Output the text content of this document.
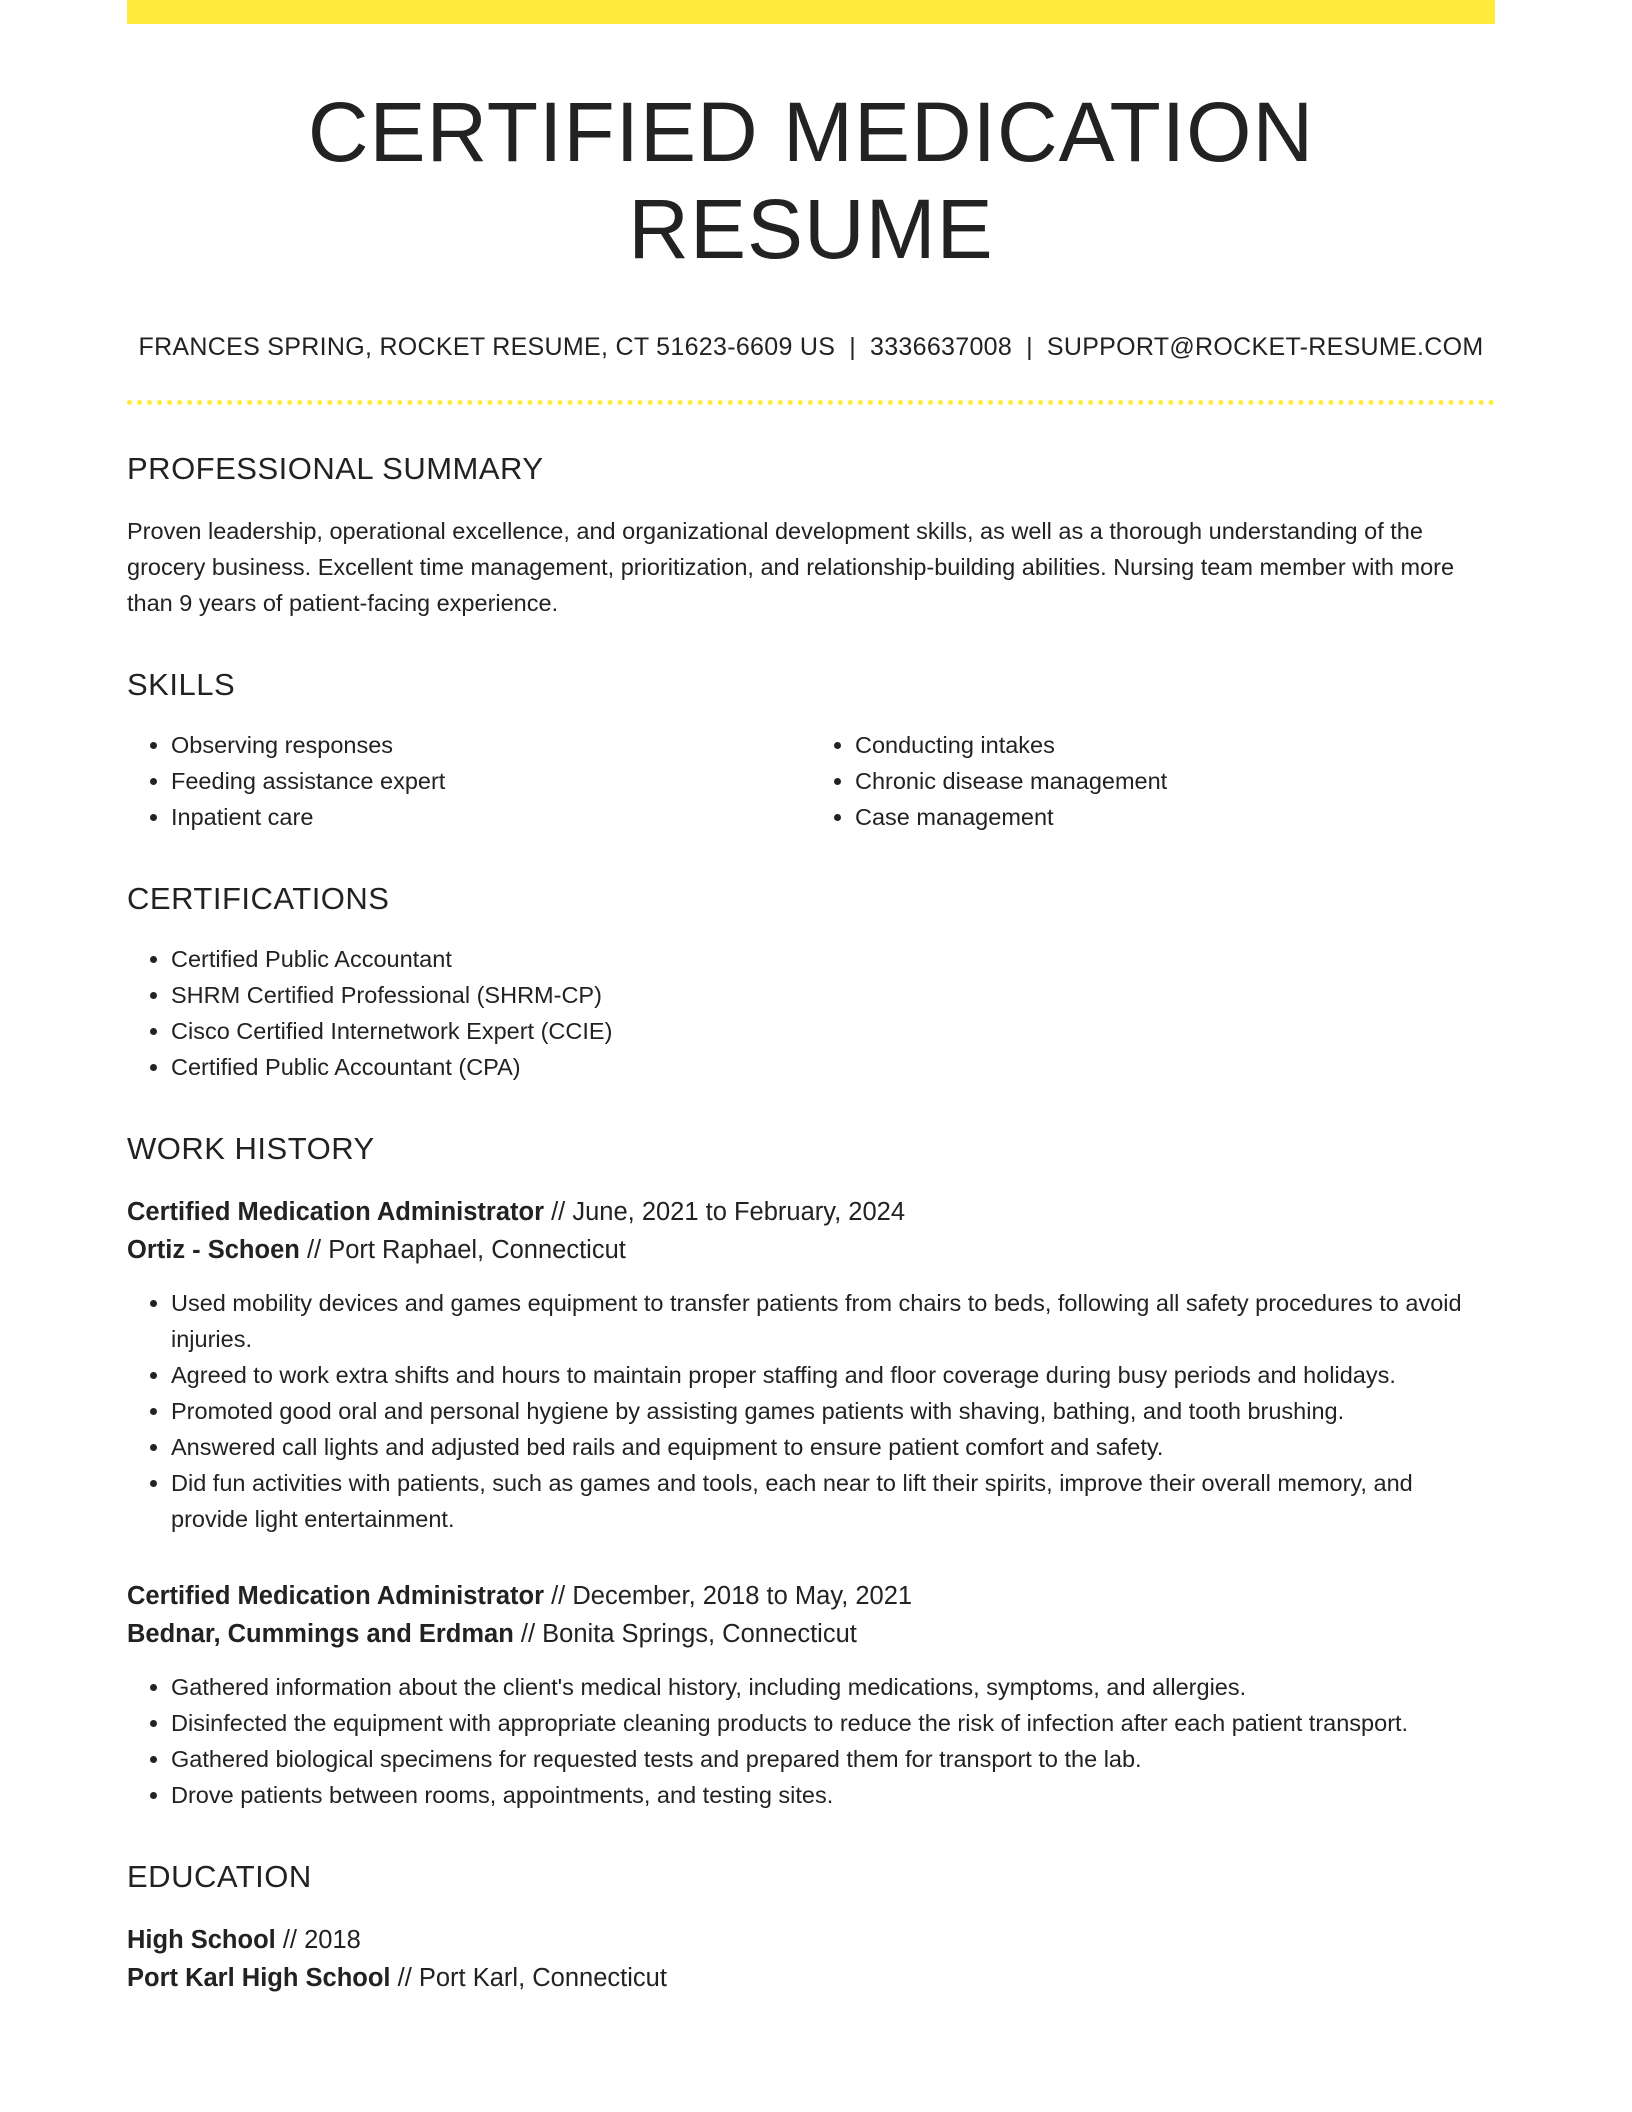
CERTIFIED MEDICATION RESUME
FRANCES SPRING, ROCKET RESUME, CT 51623-6609 US | 3336637008 | SUPPORT@ROCKET-RESUME.COM
PROFESSIONAL SUMMARY

Proven leadership, operational excellence, and organizational development skills, as well as a thorough understanding of the grocery business. Excellent time management, prioritization, and relationship-building abilities. Nursing team member with more than 9 years of patient-facing experience.

SKILLS
• Observing responses
• Feeding assistance expert
• Inpatient care
• Conducting intakes
• Chronic disease management
• Case management
CERTIFICATIONS
• Certified Public Accountant
• SHRM Certified Professional (SHRM-CP)
• Cisco Certified Internetwork Expert (CCIE)
• Certified Public Accountant (CPA)
WORK HISTORY
Certified Medication Administrator // June, 2021 to February, 2024
Ortiz - Schoen // Port Raphael, Connecticut
• Used mobility devices and games equipment to transfer patients from chairs to beds, following all safety procedures to avoid injuries.
• Agreed to work extra shifts and hours to maintain proper staffing and floor coverage during busy periods and holidays.
• Promoted good oral and personal hygiene by assisting games patients with shaving, bathing, and tooth brushing.
• Answered call lights and adjusted bed rails and equipment to ensure patient comfort and safety.
• Did fun activities with patients, such as games and tools, each near to lift their spirits, improve their overall memory, and provide light entertainment.
Certified Medication Administrator // December, 2018 to May, 2021
Bednar, Cummings and Erdman // Bonita Springs, Connecticut
• Gathered information about the client's medical history, including medications, symptoms, and allergies.
• Disinfected the equipment with appropriate cleaning products to reduce the risk of infection after each patient transport.
• Gathered biological specimens for requested tests and prepared them for transport to the lab.
• Drove patients between rooms, appointments, and testing sites.
EDUCATION
High School // 2018
Port Karl High School // Port Karl, Connecticut
